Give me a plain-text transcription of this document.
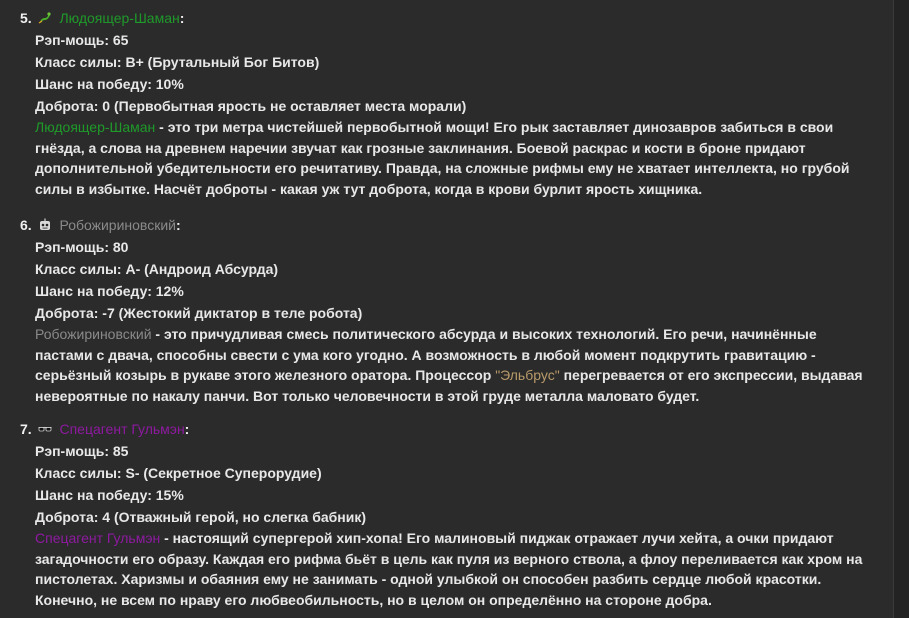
5. Людоящер-Шаман:
Рэп-мощь: 65
Класс силы: B+ (Брутальный Бог Битов)
Шанс на победу: 10%
Доброта: 0 (Первобытная ярость не оставляет места морали)
Людоящер-Шаман - это три метра чистейшей первобытной мощи! Его рык заставляет динозавров забиться в свои гнёзда, а слова на древнем наречии звучат как грозные заклинания. Боевой раскрас и кости в броне придают дополнительной убедительности его речитативу. Правда, на сложные рифмы ему не хватает интеллекта, но грубой силы в избытке. Насчёт доброты - какая уж тут доброта, когда в крови бурлит ярость хищника.
6. Робожириновский:
Рэп-мощь: 80
Класс силы: A- (Андроид Абсурда)
Шанс на победу: 12%
Доброта: -7 (Жестокий диктатор в теле робота)
Робожириновский - это причудливая смесь политического абсурда и высоких технологий. Его речи, начинённые пастами с двача, способны свести с ума кого угодно. А возможность в любой момент подкрутить гравитацию - серьёзный козырь в рукаве этого железного оратора. Процессор "Эльбрус" перегревается от его экспрессии, выдавая невероятные по накалу панчи. Вот только человечности в этой груде металла маловато будет.
7. Спецагент Гульмэн:
Рэп-мощь: 85
Класс силы: S- (Секретное Суперорудие)
Шанс на победу: 15%
Доброта: 4 (Отважный герой, но слегка бабник)
Спецагент Гульмэн - настоящий супергерой хип-хопа! Его малиновый пиджак отражает лучи хейта, а очки придают загадочности его образу. Каждая его рифма бьёт в цель как пуля из верного ствола, а флоу переливается как хром на пистолетах. Харизмы и обаяния ему не занимать - одной улыбкой он способен разбить сердце любой красотки. Конечно, не всем по нраву его любвеобильность, но в целом он определённо на стороне добра.
